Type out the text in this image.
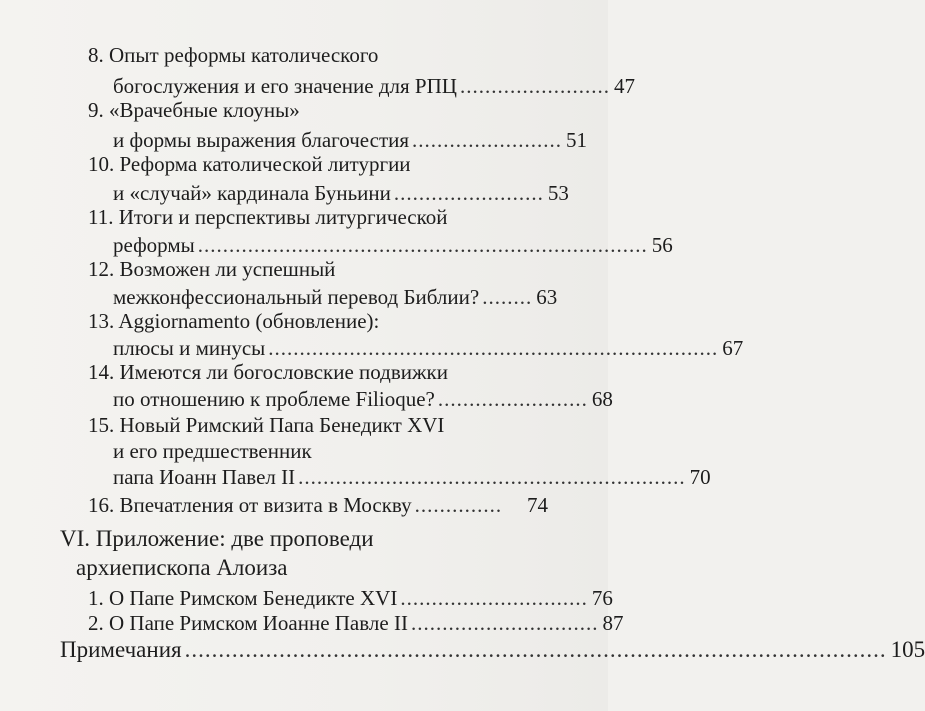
8. Опыт реформы католического
богослужения и его значение для РПЦ ........................ 47
9. «Врачебные клоуны»
и формы выражения благочестия ........................ 51
10. Реформа католической литургии
и «случай» кардинала Буньини ........................ 53
11. Итоги и перспективы литургической
реформы ........................................................................ 56
12. Возможен ли успешный
межконфессиональный перевод Библии? ........ 63
13. Aggiornamento (обновление):
плюсы и минусы ........................................................................ 67
14. Имеются ли богословские подвижки
по отношению к проблеме Filioque? ........................ 68
15. Новый Римский Папа Бенедикт XVI
и его предшественник
папа Иоанн Павел II .............................................................. 70
16. Впечатления от визита в Москву ..............	74
VI. Приложение: две проповеди
архиепископа Алоиза
1. О Папе Римском Бенедикте XVI .............................. 76
2. О Папе Римском Иоанне Павле II .............................. 87
Примечания ........................................................................................................ 105
